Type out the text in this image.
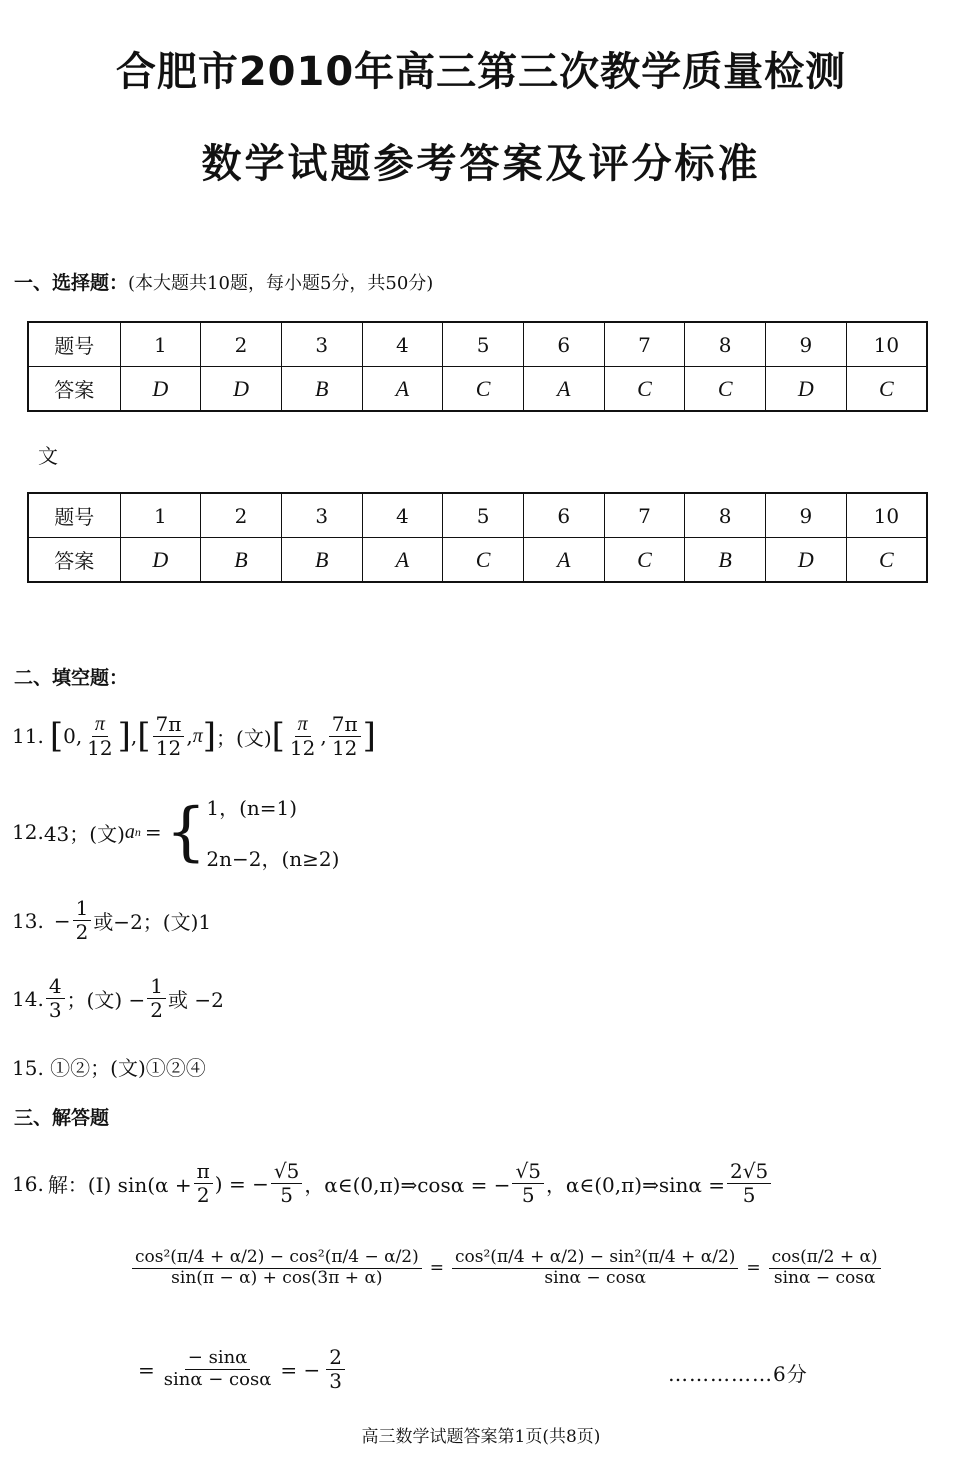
合肥市2010年高三第三次教学质量检测
数学试题参考答案及评分标准
一、选择题：(本大题共10题，每小题5分，共50分)
题号	1	2	3	4	5	6	7	8	9	10
答案	D	D	B	A	C	A	C	C	D	C
文
题号	1	2	3	4	5	6	7	8	9	10
答案	D	B	B	A	C	A	C	B	D	C
二、填空题：
11. [ 0 , $\frac{\pi}{12}$ ] , [ $\frac{7\pi}{12}$ , π ] ；(文) [ $\frac{\pi}{12}$ , $\frac{7\pi}{12}$ ]
12. 43；(文) a n = { 1，(n=1)
2n−2，(n≥2)
13. − $\frac{1}{2}$ 或−2；(文)1
14. $\frac{4}{3}$ ；(文) − $\frac{1}{2}$ 或 −2
15. ①②；(文)①②④
三、解答题
16. 解：(Ⅰ) $\sin(\alpha + \frac{\pi}{2}$ ) = − $\frac{√5}{5}$ ，α∈(0,π)⇒cosα = − $\frac{√5}{5}$ ，α∈(0,π)⇒sinα = $\frac{2√5}{5}$
$\frac{\text{cos²(π/4 + α/2) − cos²(π/4 − α/2)}}{\sin(\pi - \alpha) + \cos(3\pi + \alpha)} = \frac{\text{cos²(π/4 + α/2) − sin²(π/4 + α/2)}}{\sin\alpha - \cos\alpha} = \frac{\cos(\pi/2 + \alpha)}{\sin\alpha - \cos\alpha}$
= $\frac{- \sin\alpha}{\sin\alpha - \cos\alpha}$ = − $\frac{2}{3}$	……………6分
高三数学试题答案第1页(共8页)
